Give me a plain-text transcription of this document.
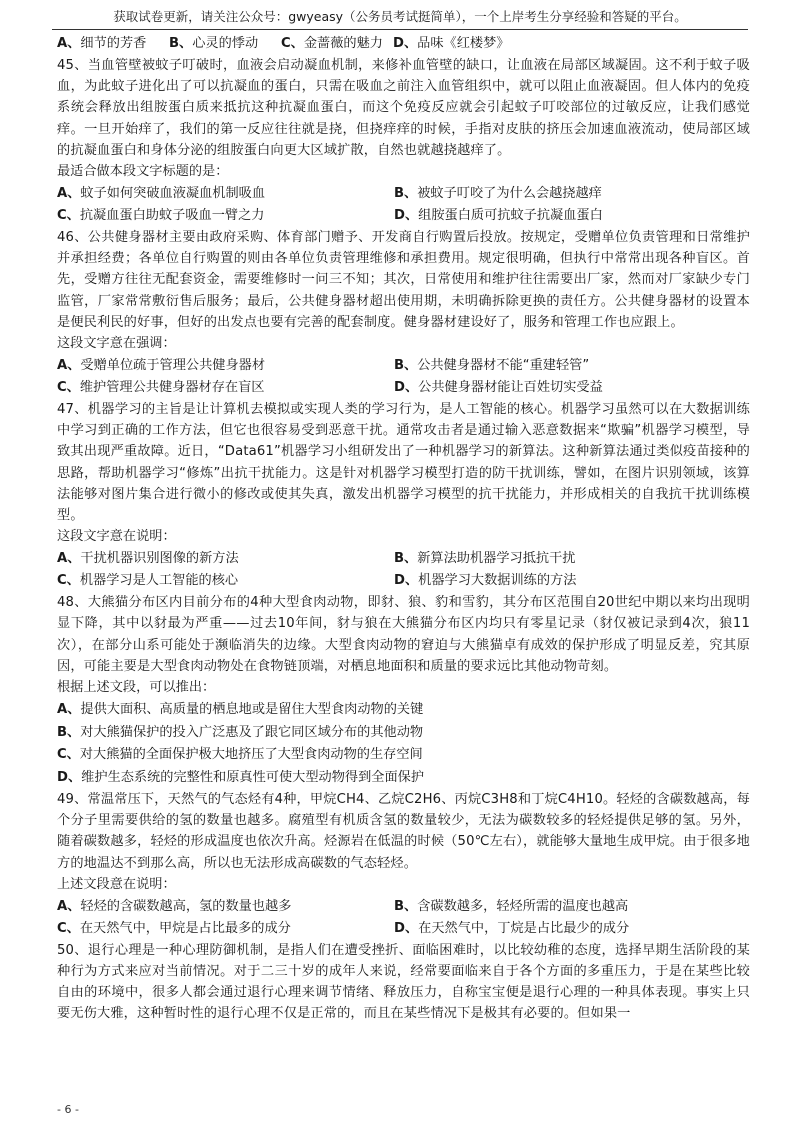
获取试卷更新，请关注公众号：gwyeasy（公务员考试挺简单），一个上岸考生分享经验和答疑的平台。
A、细节的芳香	B、心灵的悸动	C、金蔷薇的魅力 D、品味《红楼梦》

45、当血管壁被蚊子叮破时，血液会启动凝血机制，来修补血管壁的缺口，让血液在局部区域凝固。这不利于蚊子吸血，为此蚊子进化出了可以抗凝血的蛋白，只需在吸血之前注入血管组织中，就可以阻止血液凝固。但人体内的免疫系统会释放出组胺蛋白质来抵抗这种抗凝血蛋白，而这个免疫反应就会引起蚊子叮咬部位的过敏反应，让我们感觉痒。一旦开始痒了，我们的第一反应往往就是挠，但挠痒痒的时候，手指对皮肤的挤压会加速血液流动，使局部区域的抗凝血蛋白和身体分泌的组胺蛋白向更大区域扩散，自然也就越挠越痒了。

最适合做本段文字标题的是：

A、蚊子如何突破血液凝血机制吸血	B、被蚊子叮咬了为什么会越挠越痒
C、抗凝血蛋白助蚊子吸血一臂之力	D、组胺蛋白质可抗蚊子抗凝血蛋白

46、公共健身器材主要由政府采购、体育部门赠予、开发商自行购置后投放。按规定，受赠单位负责管理和日常维护并承担经费；各单位自行购置的则由各单位负责管理维修和承担费用。规定很明确，但执行中常常出现各种盲区。首先，受赠方往往无配套资金，需要维修时一问三不知；其次，日常使用和维护往往需要出厂家，然而对厂家缺少专门监管，厂家常常敷衍售后服务；最后，公共健身器材超出使用期，未明确拆除更换的责任方。公共健身器材的设置本是便民利民的好事，但好的出发点也要有完善的配套制度。健身器材建设好了，服务和管理工作也应跟上。

这段文字意在强调：

A、受赠单位疏于管理公共健身器材	B、公共健身器材不能“重建轻管”
C、维护管理公共健身器材存在盲区	D、公共健身器材能让百姓切实受益

47、机器学习的主旨是让计算机去模拟或实现人类的学习行为，是人工智能的核心。机器学习虽然可以在大数据训练中学习到正确的工作方法，但它也很容易受到恶意干扰。通常攻击者是通过输入恶意数据来“欺骗”机器学习模型，导致其出现严重故障。近日，“Data61”机器学习小组研发出了一种机器学习的新算法。这种新算法通过类似疫苗接种的思路，帮助机器学习“修炼”出抗干扰能力。这是针对机器学习模型打造的防干扰训练，譬如，在图片识别领域，该算法能够对图片集合进行微小的修改或使其失真，激发出机器学习模型的抗干扰能力，并形成相关的自我抗干扰训练模型。

这段文字意在说明：

A、干扰机器识别图像的新方法	B、新算法助机器学习抵抗干扰
C、机器学习是人工智能的核心	D、机器学习大数据训练的方法

48、大熊猫分布区内目前分布的4种大型食肉动物，即豺、狼、豹和雪豹，其分布区范围自20世纪中期以来均出现明显下降，其中以豺最为严重——过去10年间，豺与狼在大熊猫分布区内均只有零星记录（豺仅被记录到4次，狼11次），在部分山系可能处于濒临消失的边缘。大型食肉动物的窘迫与大熊猫卓有成效的保护形成了明显反差，究其原因，可能主要是大型食肉动物处在食物链顶端，对栖息地面积和质量的要求远比其他动物苛刻。

根据上述文段，可以推出：

A、提供大面积、高质量的栖息地或是留住大型食肉动物的关键
B、对大熊猫保护的投入广泛惠及了跟它同区域分布的其他动物
C、对大熊猫的全面保护极大地挤压了大型食肉动物的生存空间
D、维护生态系统的完整性和原真性可使大型动物得到全面保护

49、常温常压下，天然气的气态烃有4种，甲烷CH4、乙烷C2H6、丙烷C3H8和丁烷C4H10。轻烃的含碳数越高，每个分子里需要供给的氢的数量也越多。腐殖型有机质含氢的数量较少，无法为碳数较多的轻烃提供足够的氢。另外，随着碳数越多，轻烃的形成温度也依次升高。烃源岩在低温的时候（50℃左右），就能够大量地生成甲烷。由于很多地方的地温达不到那么高，所以也无法形成高碳数的气态轻烃。

上述文段意在说明：

A、轻烃的含碳数越高，氢的数量也越多	B、含碳数越多，轻烃所需的温度也越高
C、在天然气中，甲烷是占比最多的成分	D、在天然气中，丁烷是占比最少的成分

50、退行心理是一种心理防御机制，是指人们在遭受挫折、面临困难时，以比较幼稚的态度，选择早期生活阶段的某种行为方式来应对当前情况。对于二三十岁的成年人来说，经常要面临来自于各个方面的多重压力，于是在某些比较自由的环境中，很多人都会通过退行心理来调节情绪、释放压力，自称宝宝便是退行心理的一种具体表现。事实上只要无伤大雅，这种暂时性的退行心理不仅是正常的，而且在某些情况下是极其有必要的。但如果一

- 6 -
